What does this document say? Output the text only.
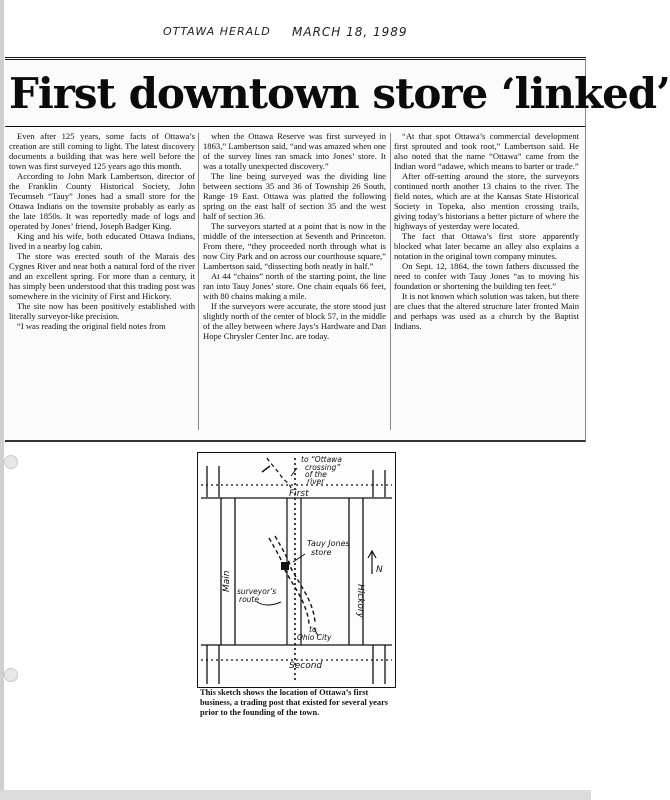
OTTAWA HERALD MARCH 18, 1989
First downtown store ‘linked’

Even after 125 years, some facts of Ottawa’s creation are still coming to light. The latest discovery documents a building that was here well before the town was first surveyed 125 years ago this month.

According to John Mark Lambertson, director of the Franklin County Historical Society, John Tecumseh “Tauy” Jones had a small store for the Ottawa Indians on the townsite probably as early as the late 1850s. It was reportedly made of logs and operated by Jones’ friend, Joseph Badger King.

King and his wife, both educated Ottawa Indians, lived in a nearby log cabin.

The store was erected south of the Marais des Cygnes River and near both a natural ford of the river and an excellent spring. For more than a century, it has simply been understood that this trading post was somewhere in the vicinity of First and Hickory.

The site now has been positively established with literally surveyor-like precision.

“I was reading the original field notes from

when the Ottawa Reserve was first surveyed in 1863,” Lambertson said, “and was amazed when one of the survey lines ran smack into Jones’ store. It was a totally unexpected discovery.”

The line being surveyed was the dividing line between sections 35 and 36 of Township 26 South, Range 19 East. Ottawa was platted the following spring on the east half of section 35 and the west half of section 36.

The surveyors started at a point that is now in the middle of the intersection at Seventh and Princeton. From there, “they proceeded north through what is now City Park and on across our courthouse square,” Lambertson said, “dissecting both neatly in half.”

At 44 “chains” north of the starting point, the line ran into Tauy Jones’ store. One chain equals 66 feet, with 80 chains making a mile.

If the surveyors were accurate, the store stood just slightly north of the center of block 57, in the middle of the alley between where Jays’s Hardware and Dan Hope Chrysler Center Inc. are today.

“At that spot Ottawa’s commercial development first sprouted and took root,” Lambertson said. He also noted that the name “Ottawa” came from the Indian word “adawe, which means to barter or trade.”

After off-setting around the store, the surveyors continued north another 13 chains to the river. The field notes, which are at the Kansas State Historical Society in Topeka, also mention crossing trails, giving today’s historians a better picture of where the highways of yesterday were located.

The fact that Ottawa’s first store apparently blocked what later became an alley also explains a notation in the original town company minutes.

On Sept. 12, 1864, the town fathers discussed the need to confer with Tauy Jones “as to moving his foundation or shortening the building ten feet.”

It is not known which solution was taken, but there are clues that the altered structure later fronted Main and perhaps was used as a church by the Baptist Indians.

to “Ottawa
crossing”
of the
river
First
Second
Main
Hickory
N
Tauy Jones
store
surveyor’s
route
to
Ohio City
This sketch shows the location of Ottawa’s first business, a trading post that existed for several years prior to the founding of the town.
